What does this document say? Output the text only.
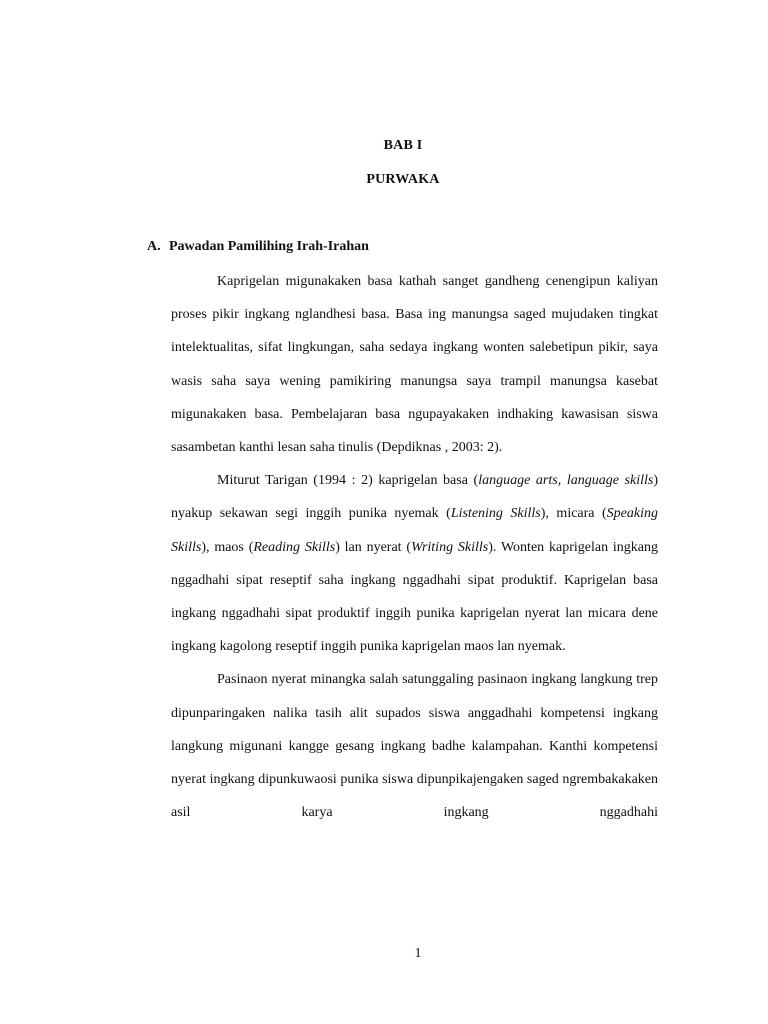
BAB I
PURWAKA
A. Pawadan Pamilihing Irah-Irahan

Kaprigelan migunakaken basa kathah sanget gandheng cenengipun kaliyan proses pikir ingkang nglandhesi basa. Basa ing manungsa saged mujudaken tingkat intelektualitas, sifat lingkungan, saha sedaya ingkang wonten salebetipun pikir, saya wasis saha saya wening pamikiring manungsa saya trampil manungsa kasebat migunakaken basa. Pembelajaran basa ngupayakaken indhaking kawasisan siswa sasambetan kanthi lesan saha tinulis (Depdiknas , 2003: 2).

Miturut Tarigan (1994 : 2) kaprigelan basa (language arts, language skills) nyakup sekawan segi inggih punika nyemak (Listening Skills), micara (Speaking Skills), maos (Reading Skills) lan nyerat (Writing Skills). Wonten kaprigelan ingkang nggadhahi sipat reseptif saha ingkang nggadhahi sipat produktif. Kaprigelan basa ingkang nggadhahi sipat produktif inggih punika kaprigelan nyerat lan micara dene ingkang kagolong reseptif inggih punika kaprigelan maos lan nyemak.

Pasinaon nyerat minangka salah satunggaling pasinaon ingkang langkung trep dipunparingaken nalika tasih alit supados siswa anggadhahi kompetensi ingkang langkung migunani kangge gesang ingkang badhe kalampahan. Kanthi kompetensi nyerat ingkang dipunkuwaosi punika siswa dipunpikajengaken saged ngrembakakaken asil karya ingkang nggadhahi

1
